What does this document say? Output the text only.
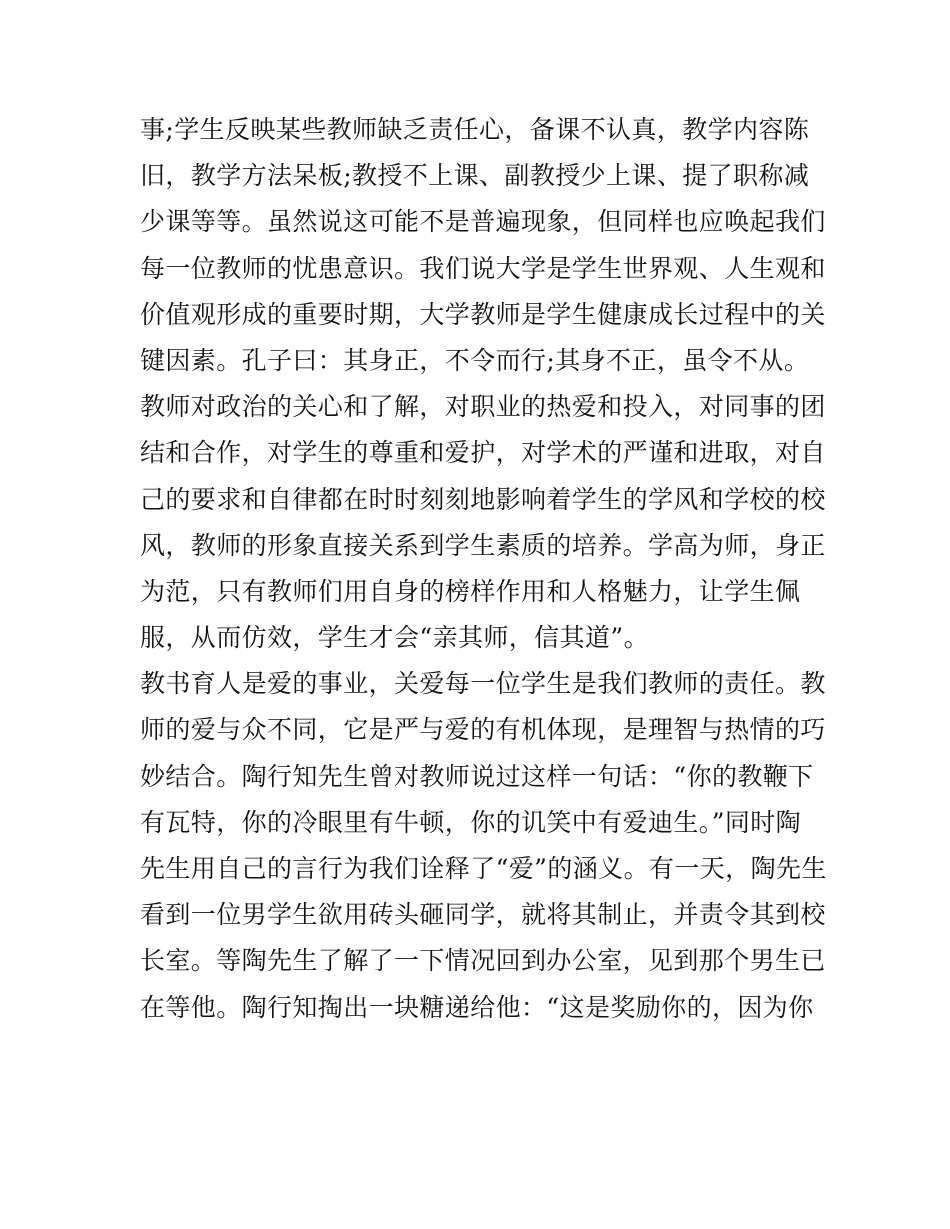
事;学生反映某些教师缺乏责任心，备课不认真，教学内容陈
旧，教学方法呆板;教授不上课、副教授少上课、提了职称减
少课等等。虽然说这可能不是普遍现象，但同样也应唤起我们
每一位教师的忧患意识。我们说大学是学生世界观、人生观和
价值观形成的重要时期，大学教师是学生健康成长过程中的关
键因素。孔子曰：其身正，不令而行;其身不正，虽令不从。
教师对政治的关心和了解，对职业的热爱和投入，对同事的团
结和合作，对学生的尊重和爱护，对学术的严谨和进取，对自
己的要求和自律都在时时刻刻地影响着学生的学风和学校的校
风，教师的形象直接关系到学生素质的培养。学高为师，身正
为范，只有教师们用自身的榜样作用和人格魅力，让学生佩
服，从而仿效，学生才会“亲其师，信其道”。
教书育人是爱的事业，关爱每一位学生是我们教师的责任。教
师的爱与众不同，它是严与爱的有机体现，是理智与热情的巧
妙结合。陶行知先生曾对教师说过这样一句话：“你的教鞭下
有瓦特，你的冷眼里有牛顿，你的讥笑中有爱迪生。”同时陶
先生用自己的言行为我们诠释了“爱”的涵义。有一天，陶先生
看到一位男学生欲用砖头砸同学，就将其制止，并责令其到校
长室。等陶先生了解了一下情况回到办公室，见到那个男生已
在等他。陶行知掏出一块糖递给他：“这是奖励你的，因为你
